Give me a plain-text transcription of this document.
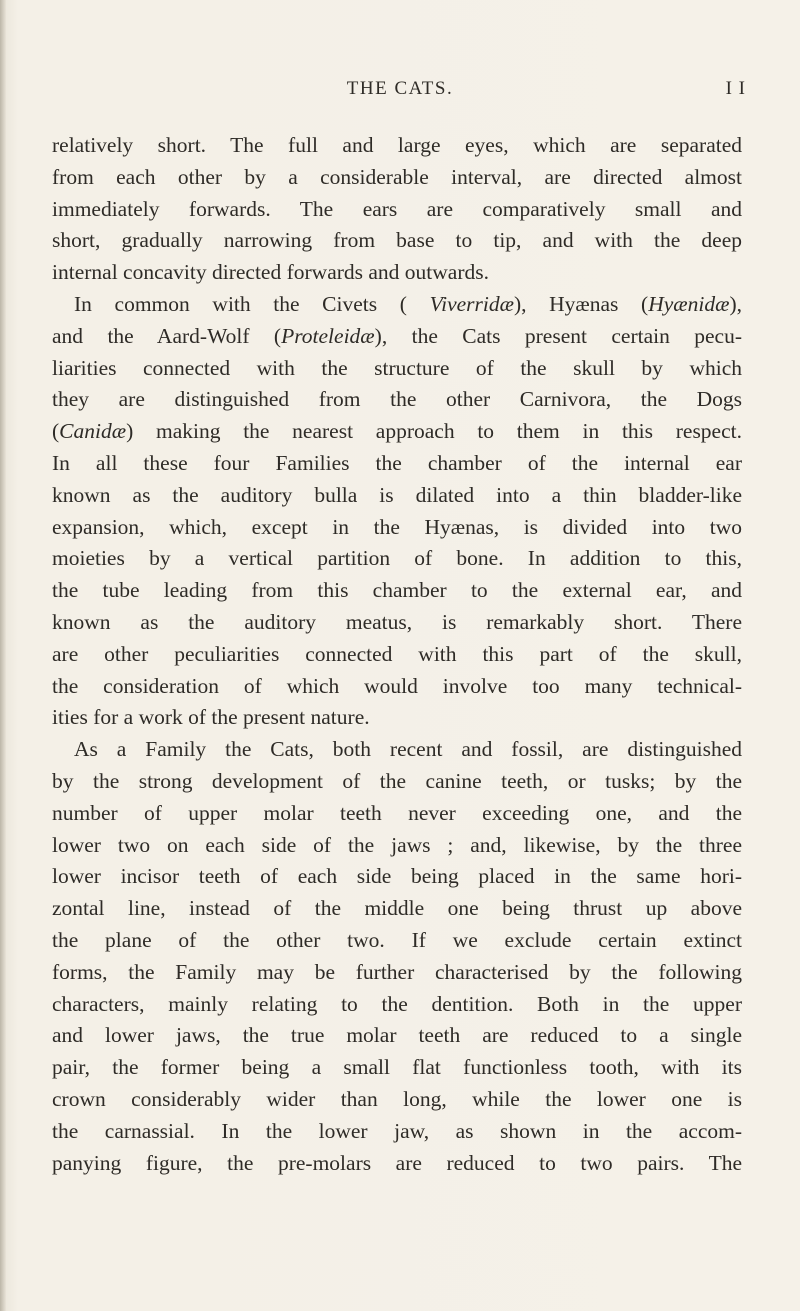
THE CATS.	I I
relatively short. The full and large eyes, which are separated
from each other by a considerable interval, are directed almost
immediately forwards. The ears are comparatively small and
short, gradually narrowing from base to tip, and with the deep
internal concavity directed forwards and outwards.
In common with the Civets ( Viverridæ), Hyænas (Hyænidæ),
and the Aard-Wolf (Proteleidæ), the Cats present certain pecu-
liarities connected with the structure of the skull by which
they are distinguished from the other Carnivora, the Dogs
(Canidæ) making the nearest approach to them in this respect.
In all these four Families the chamber of the internal ear
known as the auditory bulla is dilated into a thin bladder-like
expansion, which, except in the Hyænas, is divided into two
moieties by a vertical partition of bone. In addition to this,
the tube leading from this chamber to the external ear, and
known as the auditory meatus, is remarkably short. There
are other peculiarities connected with this part of the skull,
the consideration of which would involve too many technical-
ities for a work of the present nature.
As a Family the Cats, both recent and fossil, are distinguished
by the strong development of the canine teeth, or tusks; by the
number of upper molar teeth never exceeding one, and the
lower two on each side of the jaws ; and, likewise, by the three
lower incisor teeth of each side being placed in the same hori-
zontal line, instead of the middle one being thrust up above
the plane of the other two. If we exclude certain extinct
forms, the Family may be further characterised by the following
characters, mainly relating to the dentition. Both in the upper
and lower jaws, the true molar teeth are reduced to a single
pair, the former being a small flat functionless tooth, with its
crown considerably wider than long, while the lower one is
the carnassial. In the lower jaw, as shown in the accom-
panying figure, the pre-molars are reduced to two pairs. The
